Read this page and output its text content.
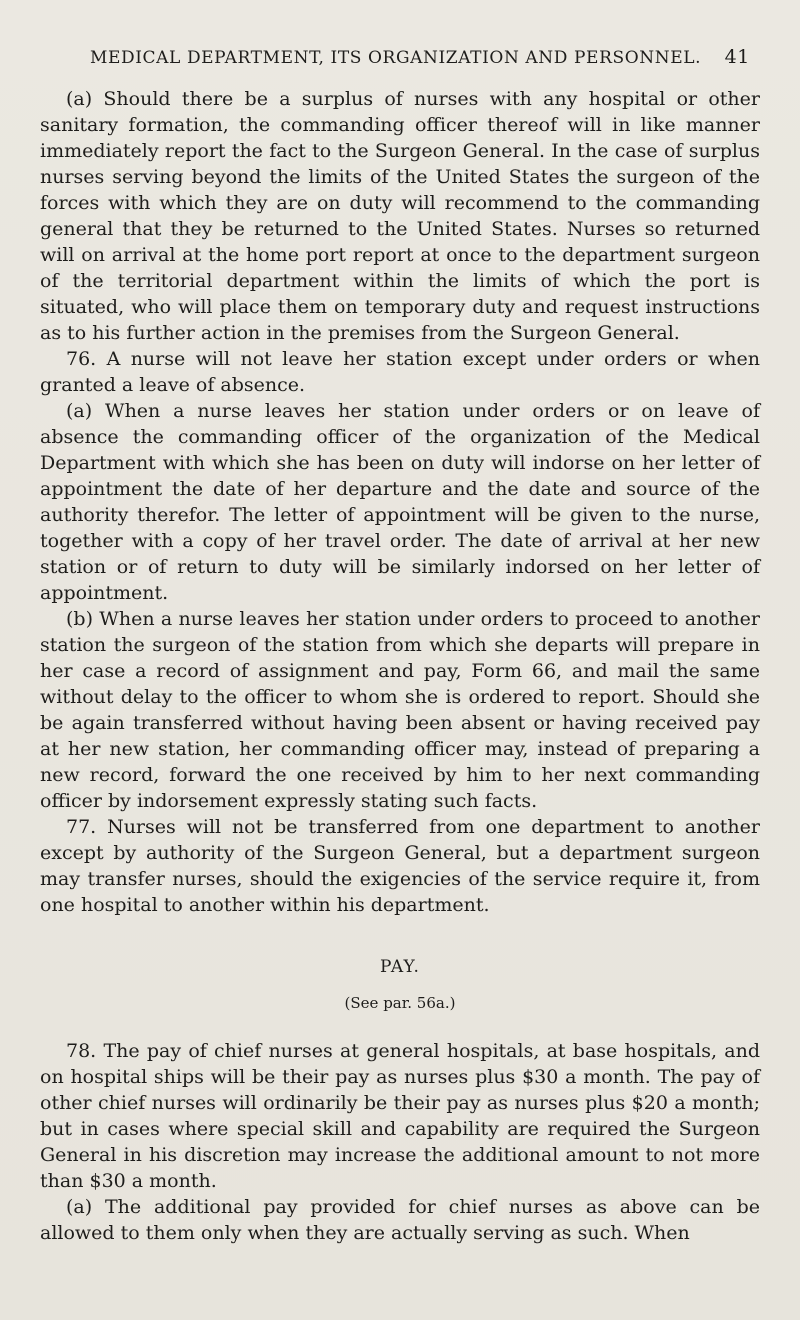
MEDICAL DEPARTMENT, ITS ORGANIZATION AND PERSONNEL. 41

(a) Should there be a surplus of nurses with any hospital or other sanitary formation, the commanding officer thereof will in like manner immediately report the fact to the Surgeon General. In the case of surplus nurses serving beyond the limits of the United States the surgeon of the forces with which they are on duty will recommend to the commanding general that they be returned to the United States. Nurses so returned will on arrival at the home port report at once to the department surgeon of the territorial department within the limits of which the port is situated, who will place them on temporary duty and request instructions as to his further action in the premises from the Surgeon General.

76. A nurse will not leave her station except under orders or when granted a leave of absence.

(a) When a nurse leaves her station under orders or on leave of absence the commanding officer of the organization of the Medical Department with which she has been on duty will indorse on her letter of appointment the date of her departure and the date and source of the authority therefor. The letter of appointment will be given to the nurse, together with a copy of her travel order. The date of arrival at her new station or of return to duty will be similarly indorsed on her letter of appointment.

(b) When a nurse leaves her station under orders to proceed to another station the surgeon of the station from which she departs will prepare in her case a record of assignment and pay, Form 66, and mail the same without delay to the officer to whom she is ordered to report. Should she be again transferred without having been absent or having received pay at her new station, her commanding officer may, instead of preparing a new record, forward the one received by him to her next commanding officer by indorsement expressly stating such facts.

77. Nurses will not be transferred from one department to another except by authority of the Surgeon General, but a department surgeon may transfer nurses, should the exigencies of the service require it, from one hospital to another within his department.

PAY.
(See par. 56a.)

78. The pay of chief nurses at general hospitals, at base hospitals, and on hospital ships will be their pay as nurses plus $30 a month. The pay of other chief nurses will ordinarily be their pay as nurses plus $20 a month; but in cases where special skill and capability are required the Surgeon General in his discretion may increase the additional amount to not more than $30 a month.

(a) The additional pay provided for chief nurses as above can be allowed to them only when they are actually serving as such. When
